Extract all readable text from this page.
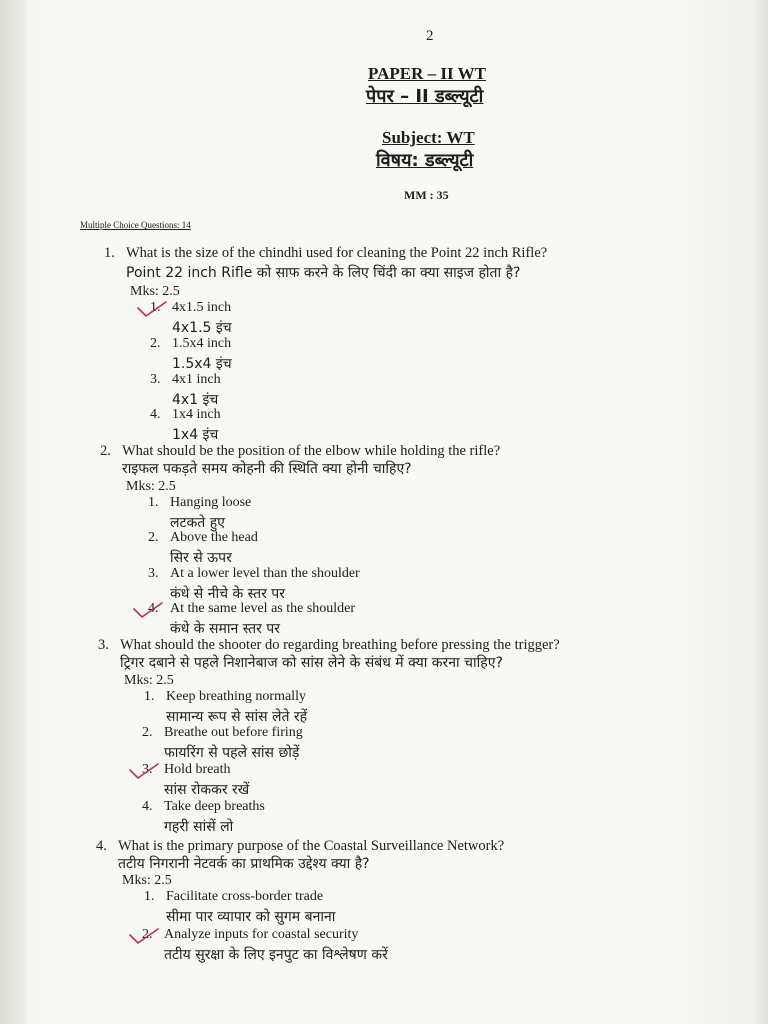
2
PAPER – II WT
पेपर – II डब्ल्यूटी
Subject: WT
विषय: डब्ल्यूटी
MM : 35
Multiple Choice Questions: 14
1. What is the size of the chindhi used for cleaning the Point 22 inch Rifle?
Point 22 inch Rifle को साफ करने के लिए चिंदी का क्या साइज होता है?
Mks: 2.5
1. 4x1.5 inch
4x1.5 इंच
2. 1.5x4 inch
1.5x4 इंच
3. 4x1 inch
4x1 इंच
4. 1x4 inch
1x4 इंच
2. What should be the position of the elbow while holding the rifle?
राइफल पकड़ते समय कोहनी की स्थिति क्या होनी चाहिए?
Mks: 2.5
1. Hanging loose
लटकते हुए
2. Above the head
सिर से ऊपर
3. At a lower level than the shoulder
कंधे से नीचे के स्तर पर
4. At the same level as the shoulder
कंधे के समान स्तर पर
3. What should the shooter do regarding breathing before pressing the trigger?
ट्रिगर दबाने से पहले निशानेबाज को सांस लेने के संबंध में क्या करना चाहिए?
Mks: 2.5
1. Keep breathing normally
सामान्य रूप से सांस लेते रहें
2. Breathe out before firing
फायरिंग से पहले सांस छोड़ें
3. Hold breath
सांस रोककर रखें
4. Take deep breaths
गहरी सांसें लो
4. What is the primary purpose of the Coastal Surveillance Network?
तटीय निगरानी नेटवर्क का प्राथमिक उद्देश्य क्या है?
Mks: 2.5
1. Facilitate cross-border trade
सीमा पार व्यापार को सुगम बनाना
2. Analyze inputs for coastal security
तटीय सुरक्षा के लिए इनपुट का विश्लेषण करें
